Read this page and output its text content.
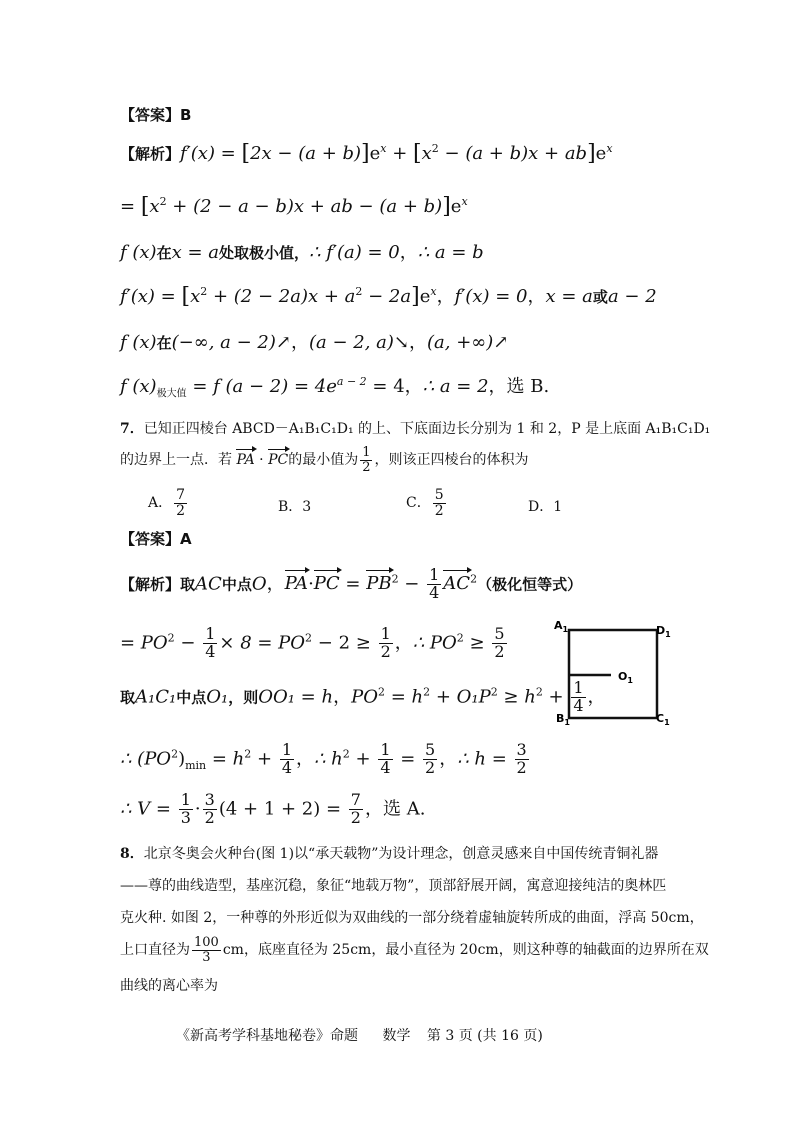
【答案】B
【解析】$f'(x) = [2x - (a + b)]e^x + [x^2 - (a + b)x + ab]e^x$
= [$x^2 + (2 - a - b)x$ + ab − $(a + b)]e^x$
f (x)在x = a处取极小值，∴ f′(a) = 0，∴ a = b
$f'(x) = [x^2 + (2 - 2a)x + a^2 - 2a]e^x$，f′(x) = 0，x = a或a − 2
f (x)在(−∞, a − 2)↗，(a − 2, a)↘，(a, +∞)↗
f $(x)_{极大值} = f$ $(a - 2) = 4e^{a - 2} = 4$，∴ a = 2，选 B.
7．已知正四棱台 ABCD－A₁B₁C₁D₁ 的上、下底面边长分别为 1 和 2，P 是上底面 A₁B₁C₁D₁
的边界上一点．若 PA · PC的最小值为 $\frac{1}{2}$ ，则该正四棱台的体积为
A． $\frac{7}{2}$	B．3	C． $\frac{5}{2}$	D．1
【答案】A
【解析】取AC中点O，$PA\cdot PC = PB^2 - \frac{1}{4} AC^2$（极化恒等式）
= $PO^2 - \frac{1}{4} \times 8 = PO^2 - 2 \ge \frac{1}{2}$ ，∴ $PO^2 \ge \frac{5}{2}$
取A₁C₁中点O₁，则OO₁ = h，$PO^2 = h^2 + O_1P^2 \ge h^2 + \frac{1}{4}$ ，
∴ $(PO^2)_{min} = h^2 + \frac{1}{4}$ ，∴ $h^2 + \frac{1}{4} = \frac{5}{2}$ ，∴ $h = \frac{3}{2}$
∴ $V = \frac{1}{3} \cdot \frac{3}{2} (4 + 1 + 2) = \frac{7}{2}$ ，选 A.
$A_1$	$D_1$
$O_1$
$B_1$	$C_1$
8．北京冬奥会火种台(图 1)以“承天载物”为设计理念，创意灵感来自中国传统青铜礼器
——尊的曲线造型，基座沉稳，象征“地载万物”，顶部舒展开阔，寓意迎接纯洁的奥林匹
克火种. 如图 2，一种尊的外形近似为双曲线的一部分绕着虚轴旋转所成的曲面，浮高 50cm，
上口直径为 $\frac{100}{3}$ cm，底座直径为 25cm，最小直径为 20cm，则这种尊的轴截面的边界所在双
曲线的离心率为
《新高考学科基地秘卷》命题 数学 第 3 页 (共 16 页)
